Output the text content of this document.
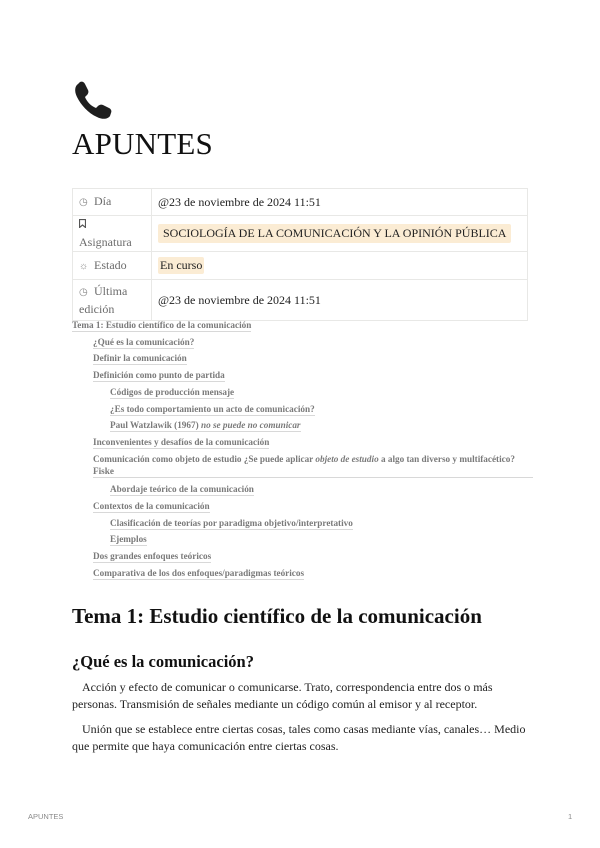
APUNTES
◷ Día	@23 de noviembre de 2024 11:51

Asignatura	SOCIOLOGÍA DE LA COMUNICACIÓN Y LA OPINIÓN PÚBLICA
☼ Estado	En curso
◷ Última
edición	@23 de noviembre de 2024 11:51
Tema 1: Estudio científico de la comunicación
¿Qué es la comunicación?
Definir la comunicación
Definición como punto de partida
Códigos de producción mensaje
¿Es todo comportamiento un acto de comunicación?
Paul Watzlawik (1967) no se puede no comunicar
Inconvenientes y desafíos de la comunicación
Comunicación como objeto de estudio ¿Se puede aplicar objeto de estudio a algo tan diverso y multifacético? Fiske
Abordaje teórico de la comunicación
Contextos de la comunicación
Clasificación de teorías por paradigma objetivo/interpretativo
Ejemplos
Dos grandes enfoques teóricos
Comparativa de los dos enfoques/paradigmas teóricos
Tema 1: Estudio científico de la comunicación
¿Qué es la comunicación?

Acción y efecto de comunicar o comunicarse. Trato, correspondencia entre dos o más personas. Transmisión de señales mediante un código común al emisor y al receptor.

Unión que se establece entre ciertas cosas, tales como casas mediante vías, canales… Medio que permite que haya comunicación entre ciertas cosas.

APUNTES	1
